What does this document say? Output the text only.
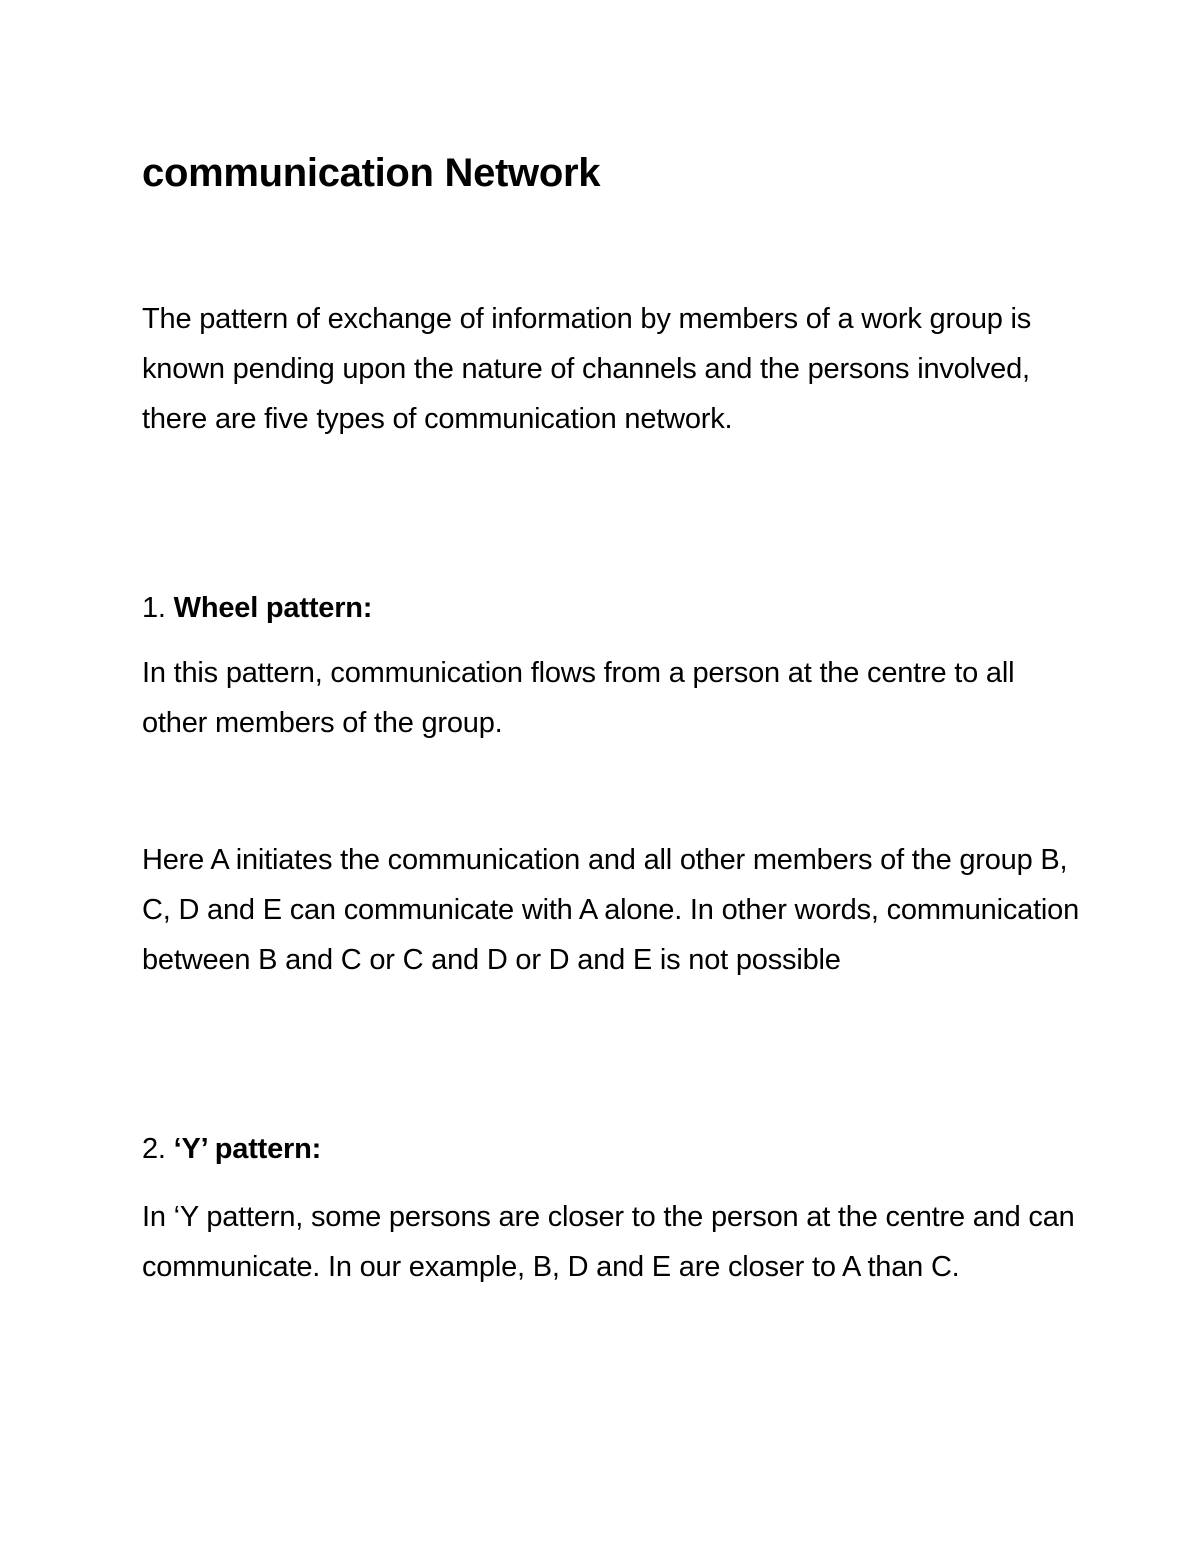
communication Network

The pattern of exchange of information by members of a work group is known pending upon the nature of channels and the persons involved, there are five types of communication network.

1. Wheel pattern:

In this pattern, communication flows from a person at the centre to all other members of the group.

Here A initiates the communication and all other members of the group B, C, D and E can communicate with A alone. In other words, communication between B and C or C and D or D and E is not possible

2. ‘Y’ pattern:

In ‘Y pattern, some persons are closer to the person at the centre and can communicate. In our example, B, D and E are closer to A than C.
